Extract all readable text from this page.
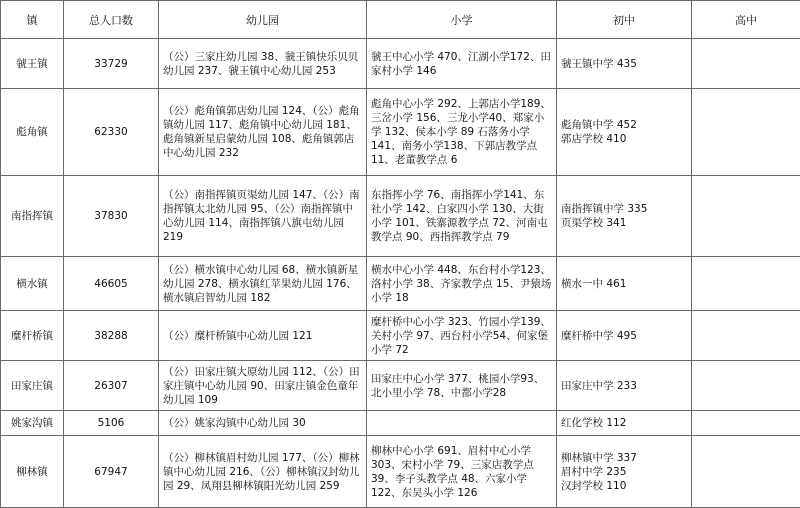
镇	总人口数	幼儿园	小学	初中	高中
虢王镇	33729	（公）三家庄幼儿园 38、虢王镇快乐贝贝幼儿园 237、虢王镇中心幼儿园 253	虢王中心小学 470、江湖小学172、田家村小学 146	虢王镇中学 435	
彪角镇	62330	（公）彪角镇郭店幼儿园 124、（公）彪角镇幼儿园 117、彪角镇中心幼儿园 181、彪角镇新星启蒙幼儿园 108、彪角镇郭店中心幼儿园 232	彪角中心小学 292、上郭店小学189、三岔小学 156、三龙小学40、郑家小学 132、侯本小学 89 石落务小学 141、南务小学138、下郭店教学点 11、老董教学点 6	彪角镇中学 452
郭店学校 410	
南指挥镇	37830	（公）南指挥镇页渠幼儿园 147、（公）南指挥镇太北幼儿园 95、（公）南指挥镇中心幼儿园 114、南指挥镇八旗屯幼儿园 219	东指挥小学 76、南指挥小学141、东社小学 142、白家四小学 130、大街小学 101、铁寨源教学点 72、河南屯教学点 90、西指挥教学点 79	南指挥镇中学 335
页渠学校 341	
横水镇	46605	（公）横水镇中心幼儿园 68、横水镇新星幼儿园 278、横水镇红苹果幼儿园 176、横水镇启智幼儿园 182	横水中心小学 448、东台村小学123、洛村小学 38、齐家教学点 15、尹猿场小学 18	横水一中 461	
糜杆桥镇	38288	（公）糜杆桥镇中心幼儿园 121	糜杆桥中心小学 323、竹园小学139、关村小学 97、西台村小学54、何家堡小学 72	糜杆桥中学 495	
田家庄镇	26307	（公）田家庄镇大原幼儿园 112、（公）田家庄镇中心幼儿园 90、田家庄镇金色童年幼儿园 109	田家庄中心小学 377、桃园小学93、北小里小学 78、中都小学28	田家庄中学 233	
姚家沟镇	5106	（公）姚家沟镇中心幼儿园 30		红化学校 112	
柳林镇	67947	（公）柳林镇眉村幼儿园 177、（公）柳林镇中心幼儿园 216、（公）柳林镇汉封幼儿园 29、凤翔县柳林镇阳光幼儿园 259	柳林中心小学 691、眉村中心小学 303、宋村小学 79、三家店教学点 39、李子头教学点 48、六家小学 122、东吴头小学 126	柳林镇中学 337
眉村中学 235
汉封学校 110	
